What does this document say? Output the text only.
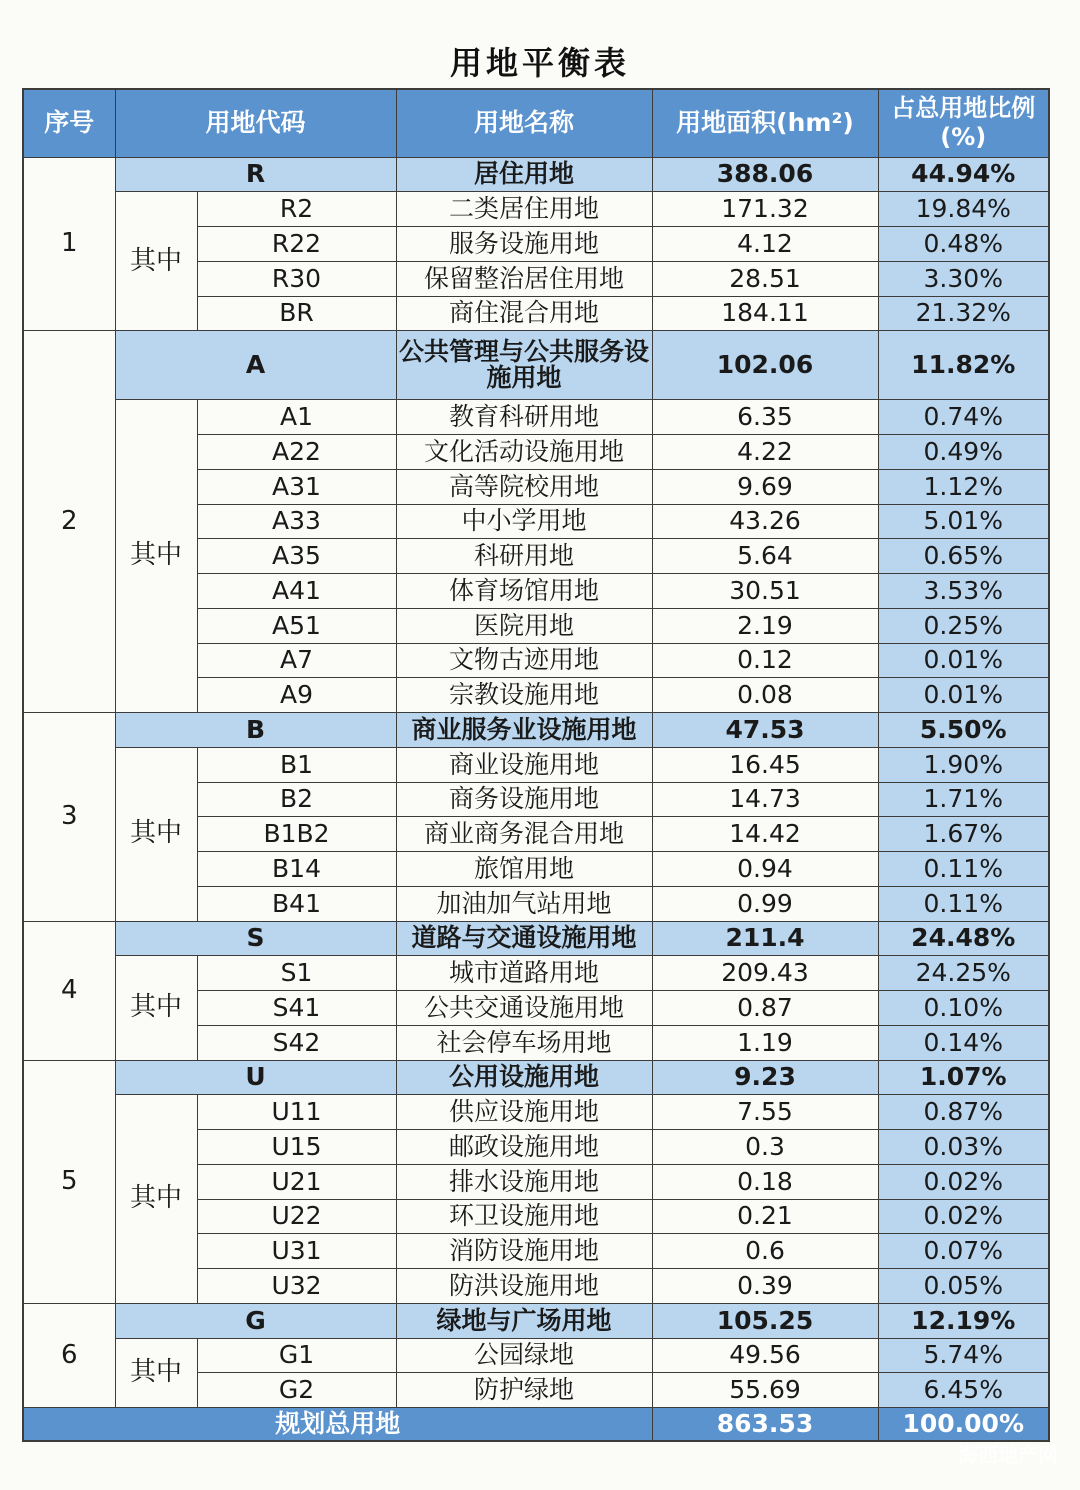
用地平衡表
序号	用地代码		用地名称	用地面积(hm²)	占总用地比例
(%)
1	R		居住用地	388.06	44.94%
	其中	R2	二类居住用地	171.32	19.84%
		R22	服务设施用地	4.12	0.48%
		R30	保留整治居住用地	28.51	3.30%
		BR	商住混合用地	184.11	21.32%
2	A		公共管理与公共服务设施用地	102.06	11.82%
	其中	A1	教育科研用地	6.35	0.74%
		A22	文化活动设施用地	4.22	0.49%
		A31	高等院校用地	9.69	1.12%
		A33	中小学用地	43.26	5.01%
		A35	科研用地	5.64	0.65%
		A41	体育场馆用地	30.51	3.53%
		A51	医院用地	2.19	0.25%
		A7	文物古迹用地	0.12	0.01%
		A9	宗教设施用地	0.08	0.01%
3	B		商业服务业设施用地	47.53	5.50%
	其中	B1	商业设施用地	16.45	1.90%
		B2	商务设施用地	14.73	1.71%
		B1B2	商业商务混合用地	14.42	1.67%
		B14	旅馆用地	0.94	0.11%
		B41	加油加气站用地	0.99	0.11%
4	S		道路与交通设施用地	211.4	24.48%
	其中	S1	城市道路用地	209.43	24.25%
		S41	公共交通设施用地	0.87	0.10%
		S42	社会停车场用地	1.19	0.14%
5	U		公用设施用地	9.23	1.07%
	其中	U11	供应设施用地	7.55	0.87%
		U15	邮政设施用地	0.3	0.03%
		U21	排水设施用地	0.18	0.02%
		U22	环卫设施用地	0.21	0.02%
		U31	消防设施用地	0.6	0.07%
		U32	防洪设施用地	0.39	0.05%
6	G		绿地与广场用地	105.25	12.19%
	其中	G1	公园绿地	49.56	5.74%
		G2	防护绿地	55.69	6.45%
规划总用地				863.53	100.00%
海西地产网
